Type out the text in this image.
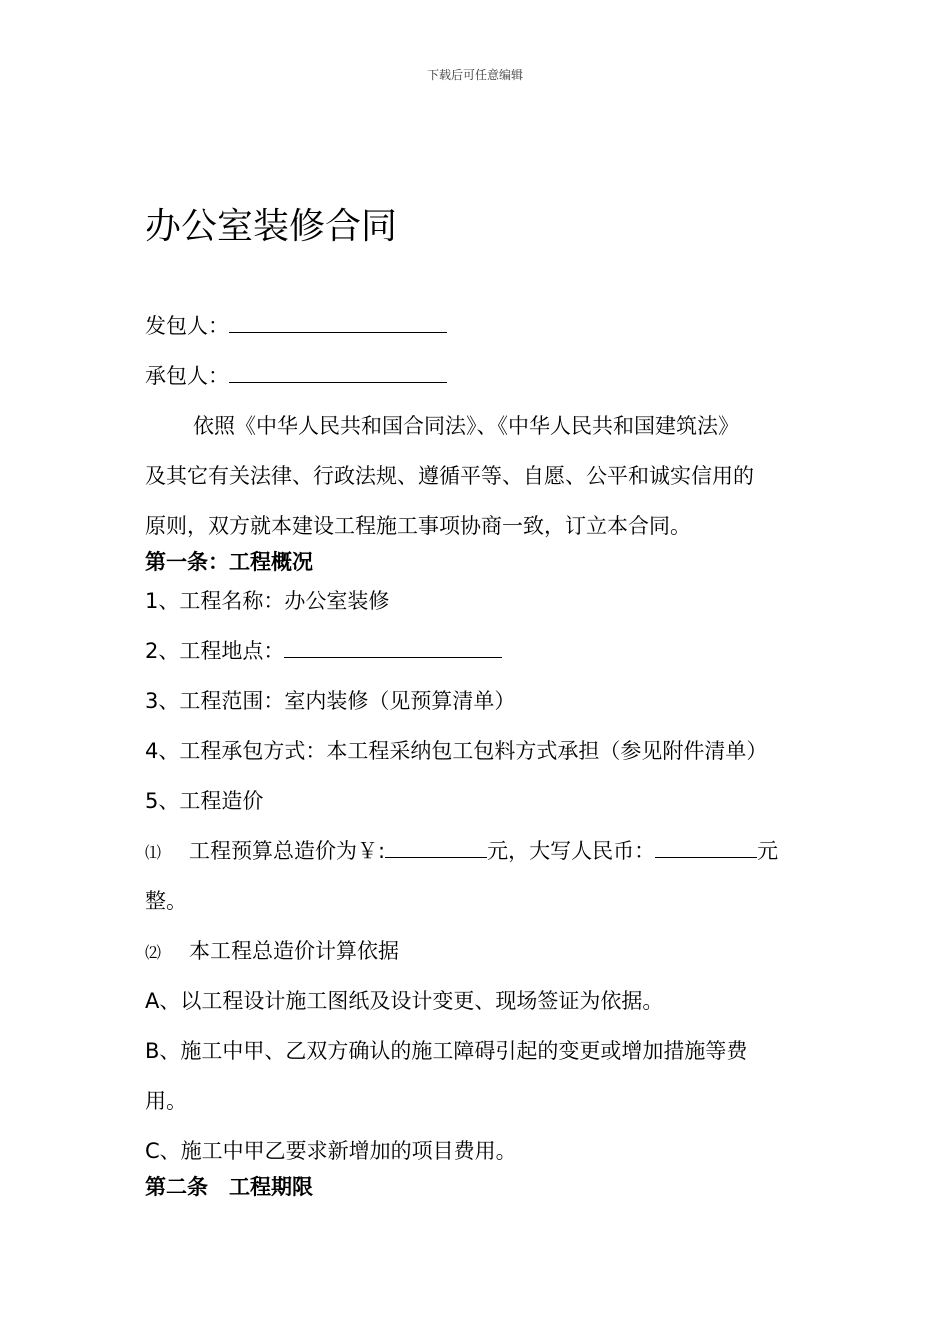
下载后可任意编辑
办公室装修合同
发包人：
承包人：
依照《中华人民共和国合同法》、《中华人民共和国建筑法》
及其它有关法律、行政法规、遵循平等、自愿、公平和诚实信用的
原则，双方就本建设工程施工事项协商一致，订立本合同。
第一条：工程概况
1、工程名称：办公室装修
2、工程地点：
3、工程范围：室内装修（见预算清单）
4、工程承包方式：本工程采纳包工包料方式承担（参见附件清单）
5、工程造价
⑴ 工程预算总造价为￥:	元，大写人民币：	元
整。
⑵ 本工程总造价计算依据
A、以工程设计施工图纸及设计变更、现场签证为依据。
B、施工中甲、乙双方确认的施工障碍引起的变更或增加措施等费
用。
C、施工中甲乙要求新增加的项目费用。
第二条　工程期限
